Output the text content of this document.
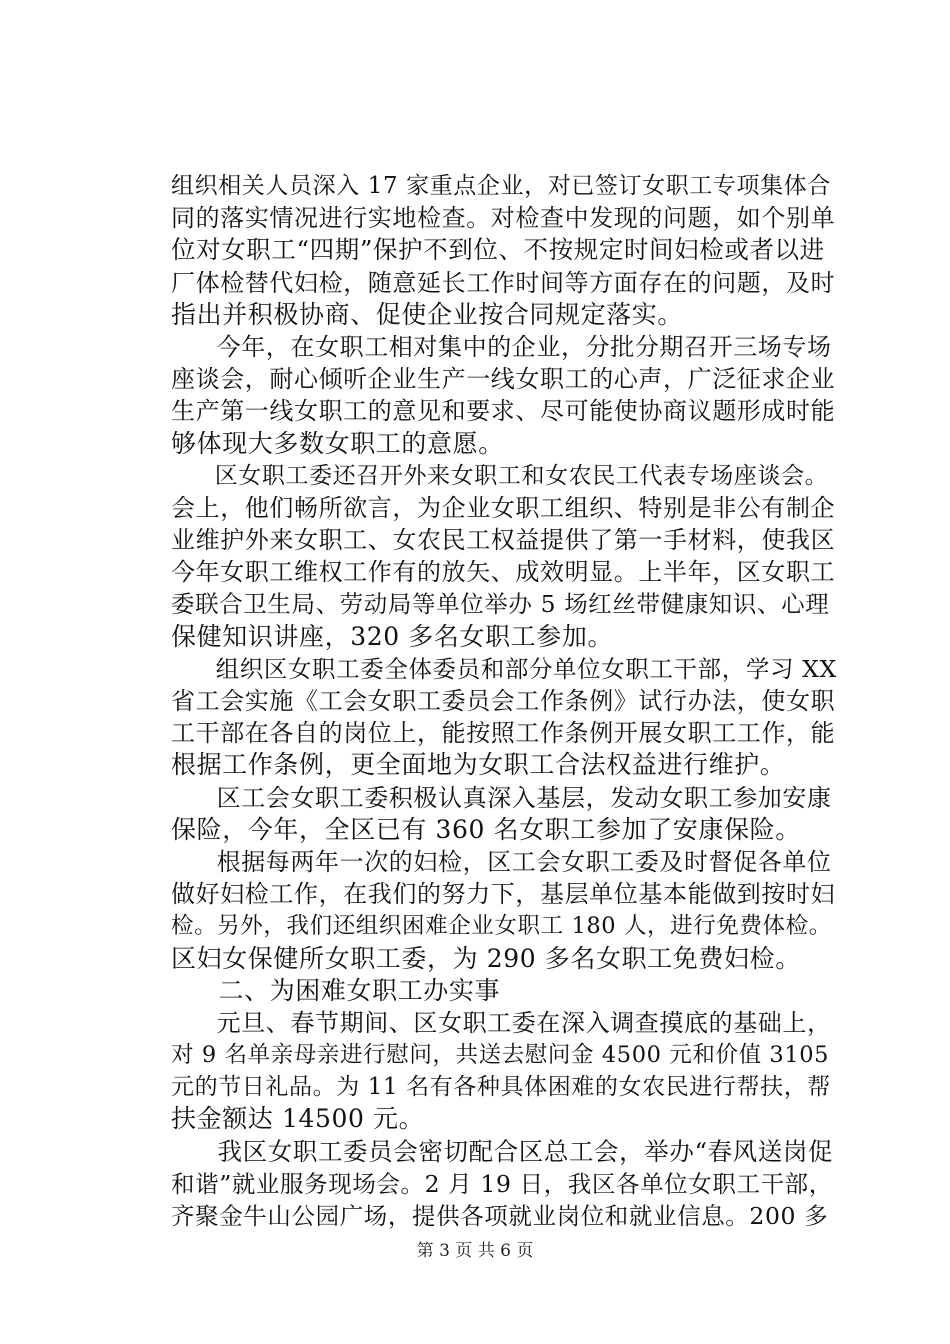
组织相关人员深入 17 家重点企业，对已签订女职工专项集体合
同的落实情况进行实地检查。对检查中发现的问题，如个别单
位对女职工“四期”保护不到位、不按规定时间妇检或者以进
厂体检替代妇检，随意延长工作时间等方面存在的问题，及时
指出并积极协商、促使企业按合同规定落实。
今年，在女职工相对集中的企业，分批分期召开三场专场
座谈会，耐心倾听企业生产一线女职工的心声，广泛征求企业
生产第一线女职工的意见和要求、尽可能使协商议题形成时能
够体现大多数女职工的意愿。
区女职工委还召开外来女职工和女农民工代表专场座谈会。
会上，他们畅所欲言，为企业女职工组织、特别是非公有制企
业维护外来女职工、女农民工权益提供了第一手材料，使我区
今年女职工维权工作有的放矢、成效明显。上半年，区女职工
委联合卫生局、劳动局等单位举办 5 场红丝带健康知识、心理
保健知识讲座，320 多名女职工参加。
组织区女职工委全体委员和部分单位女职工干部，学习 XX
省工会实施《工会女职工委员会工作条例》试行办法，使女职
工干部在各自的岗位上，能按照工作条例开展女职工工作，能
根据工作条例，更全面地为女职工合法权益进行维护。
区工会女职工委积极认真深入基层，发动女职工参加安康
保险，今年，全区已有 360 名女职工参加了安康保险。
根据每两年一次的妇检，区工会女职工委及时督促各单位
做好妇检工作，在我们的努力下，基层单位基本能做到按时妇
检。另外，我们还组织困难企业女职工 180 人，进行免费体检。
区妇女保健所女职工委，为 290 多名女职工免费妇检。
二、为困难女职工办实事
元旦、春节期间、区女职工委在深入调查摸底的基础上，
对 9 名单亲母亲进行慰问，共送去慰问金 4500 元和价值 3105
元的节日礼品。为 11 名有各种具体困难的女农民进行帮扶，帮
扶金额达 14500 元。
我区女职工委员会密切配合区总工会，举办“春风送岗促
和谐”就业服务现场会。2 月 19 日，我区各单位女职工干部，
齐聚金牛山公园广场，提供各项就业岗位和就业信息。200 多
第 3 页 共 6 页
